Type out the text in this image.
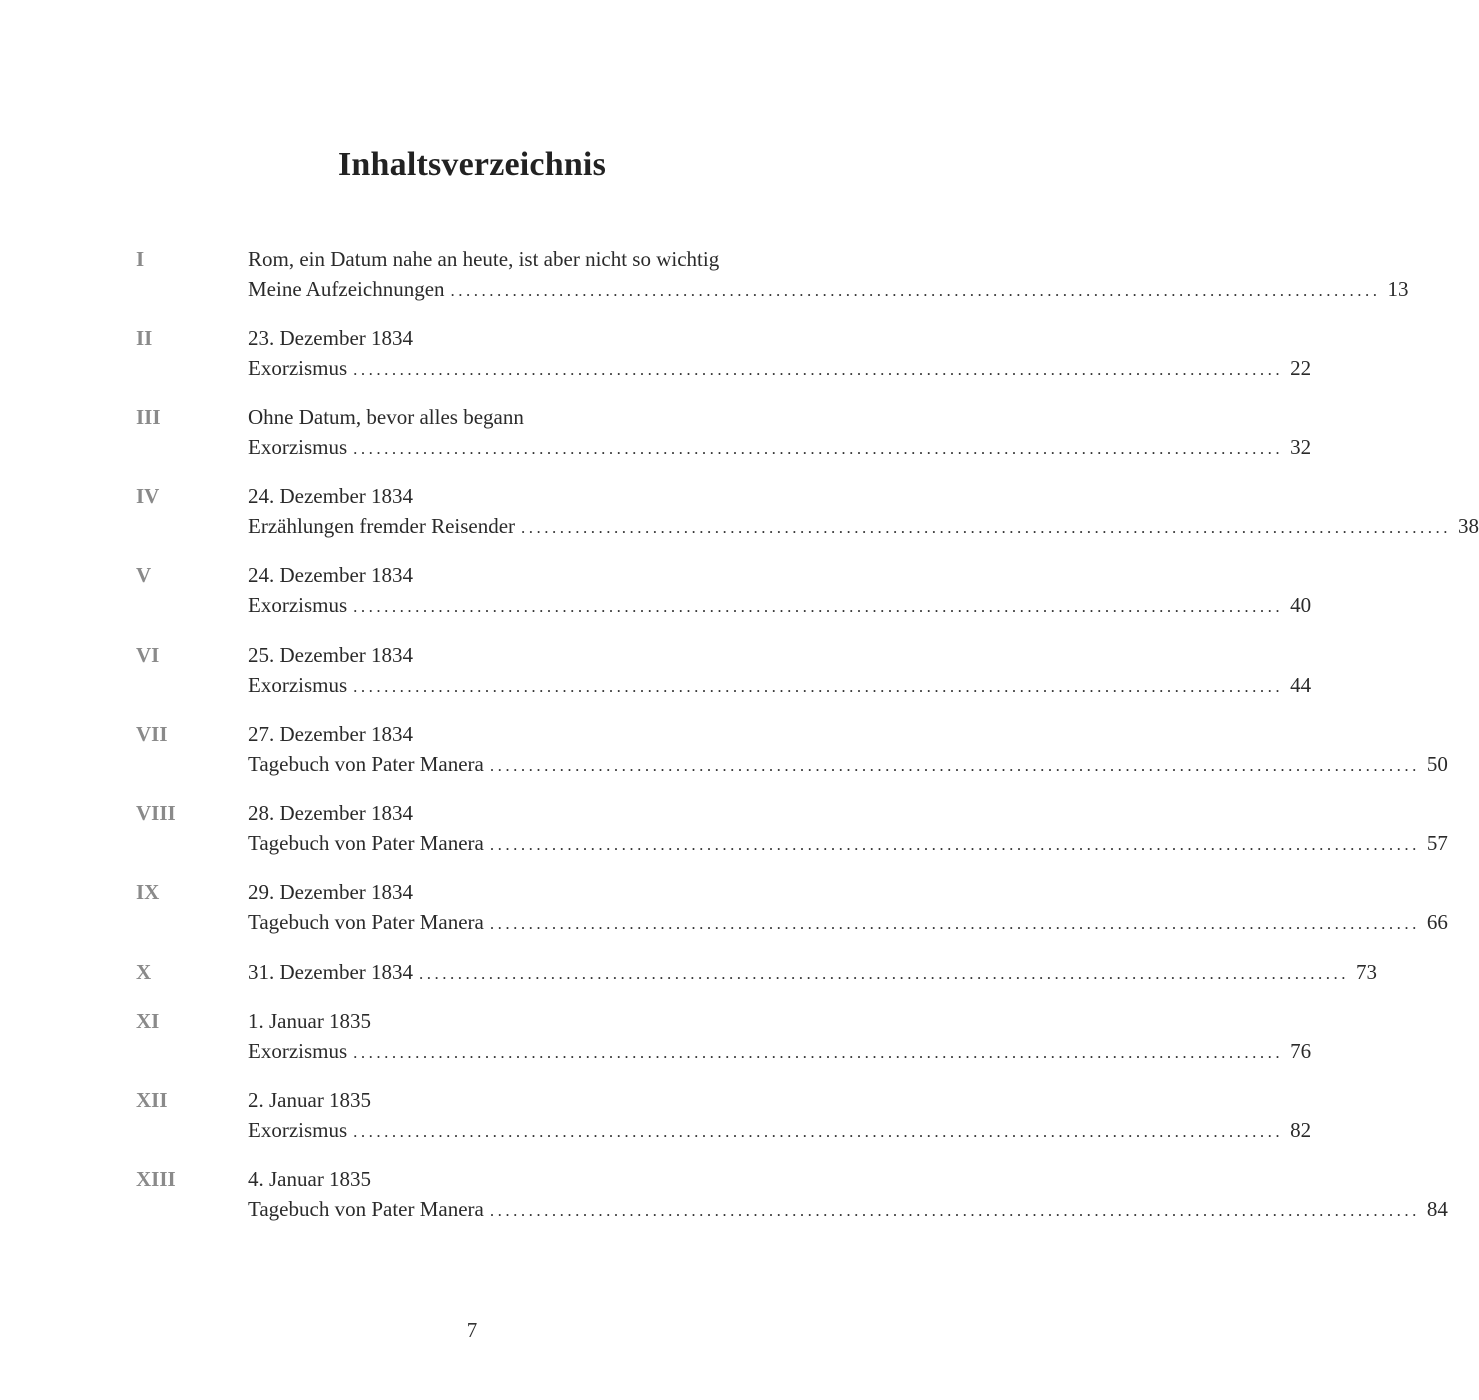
Inhaltsverzeichnis
I	Rom, ein Datum nahe an heute, ist aber nicht so wichtig
Meine Aufzeichnungen ........................................................................................................................ 13
II	23. Dezember 1834
Exorzismus ........................................................................................................................ 22
III	Ohne Datum, bevor alles begann
Exorzismus ........................................................................................................................ 32
IV	24. Dezember 1834
Erzählungen fremder Reisender ........................................................................................................................ 38
V	24. Dezember 1834
Exorzismus ........................................................................................................................ 40
VI	25. Dezember 1834
Exorzismus ........................................................................................................................ 44
VII	27. Dezember 1834
Tagebuch von Pater Manera ........................................................................................................................ 50
VIII	28. Dezember 1834
Tagebuch von Pater Manera ........................................................................................................................ 57
IX	29. Dezember 1834
Tagebuch von Pater Manera ........................................................................................................................ 66
X	31. Dezember 1834 ........................................................................................................................ 73
XI	1. Januar 1835
Exorzismus ........................................................................................................................ 76
XII	2. Januar 1835
Exorzismus ........................................................................................................................ 82
XIII	4. Januar 1835
Tagebuch von Pater Manera ........................................................................................................................ 84
7
